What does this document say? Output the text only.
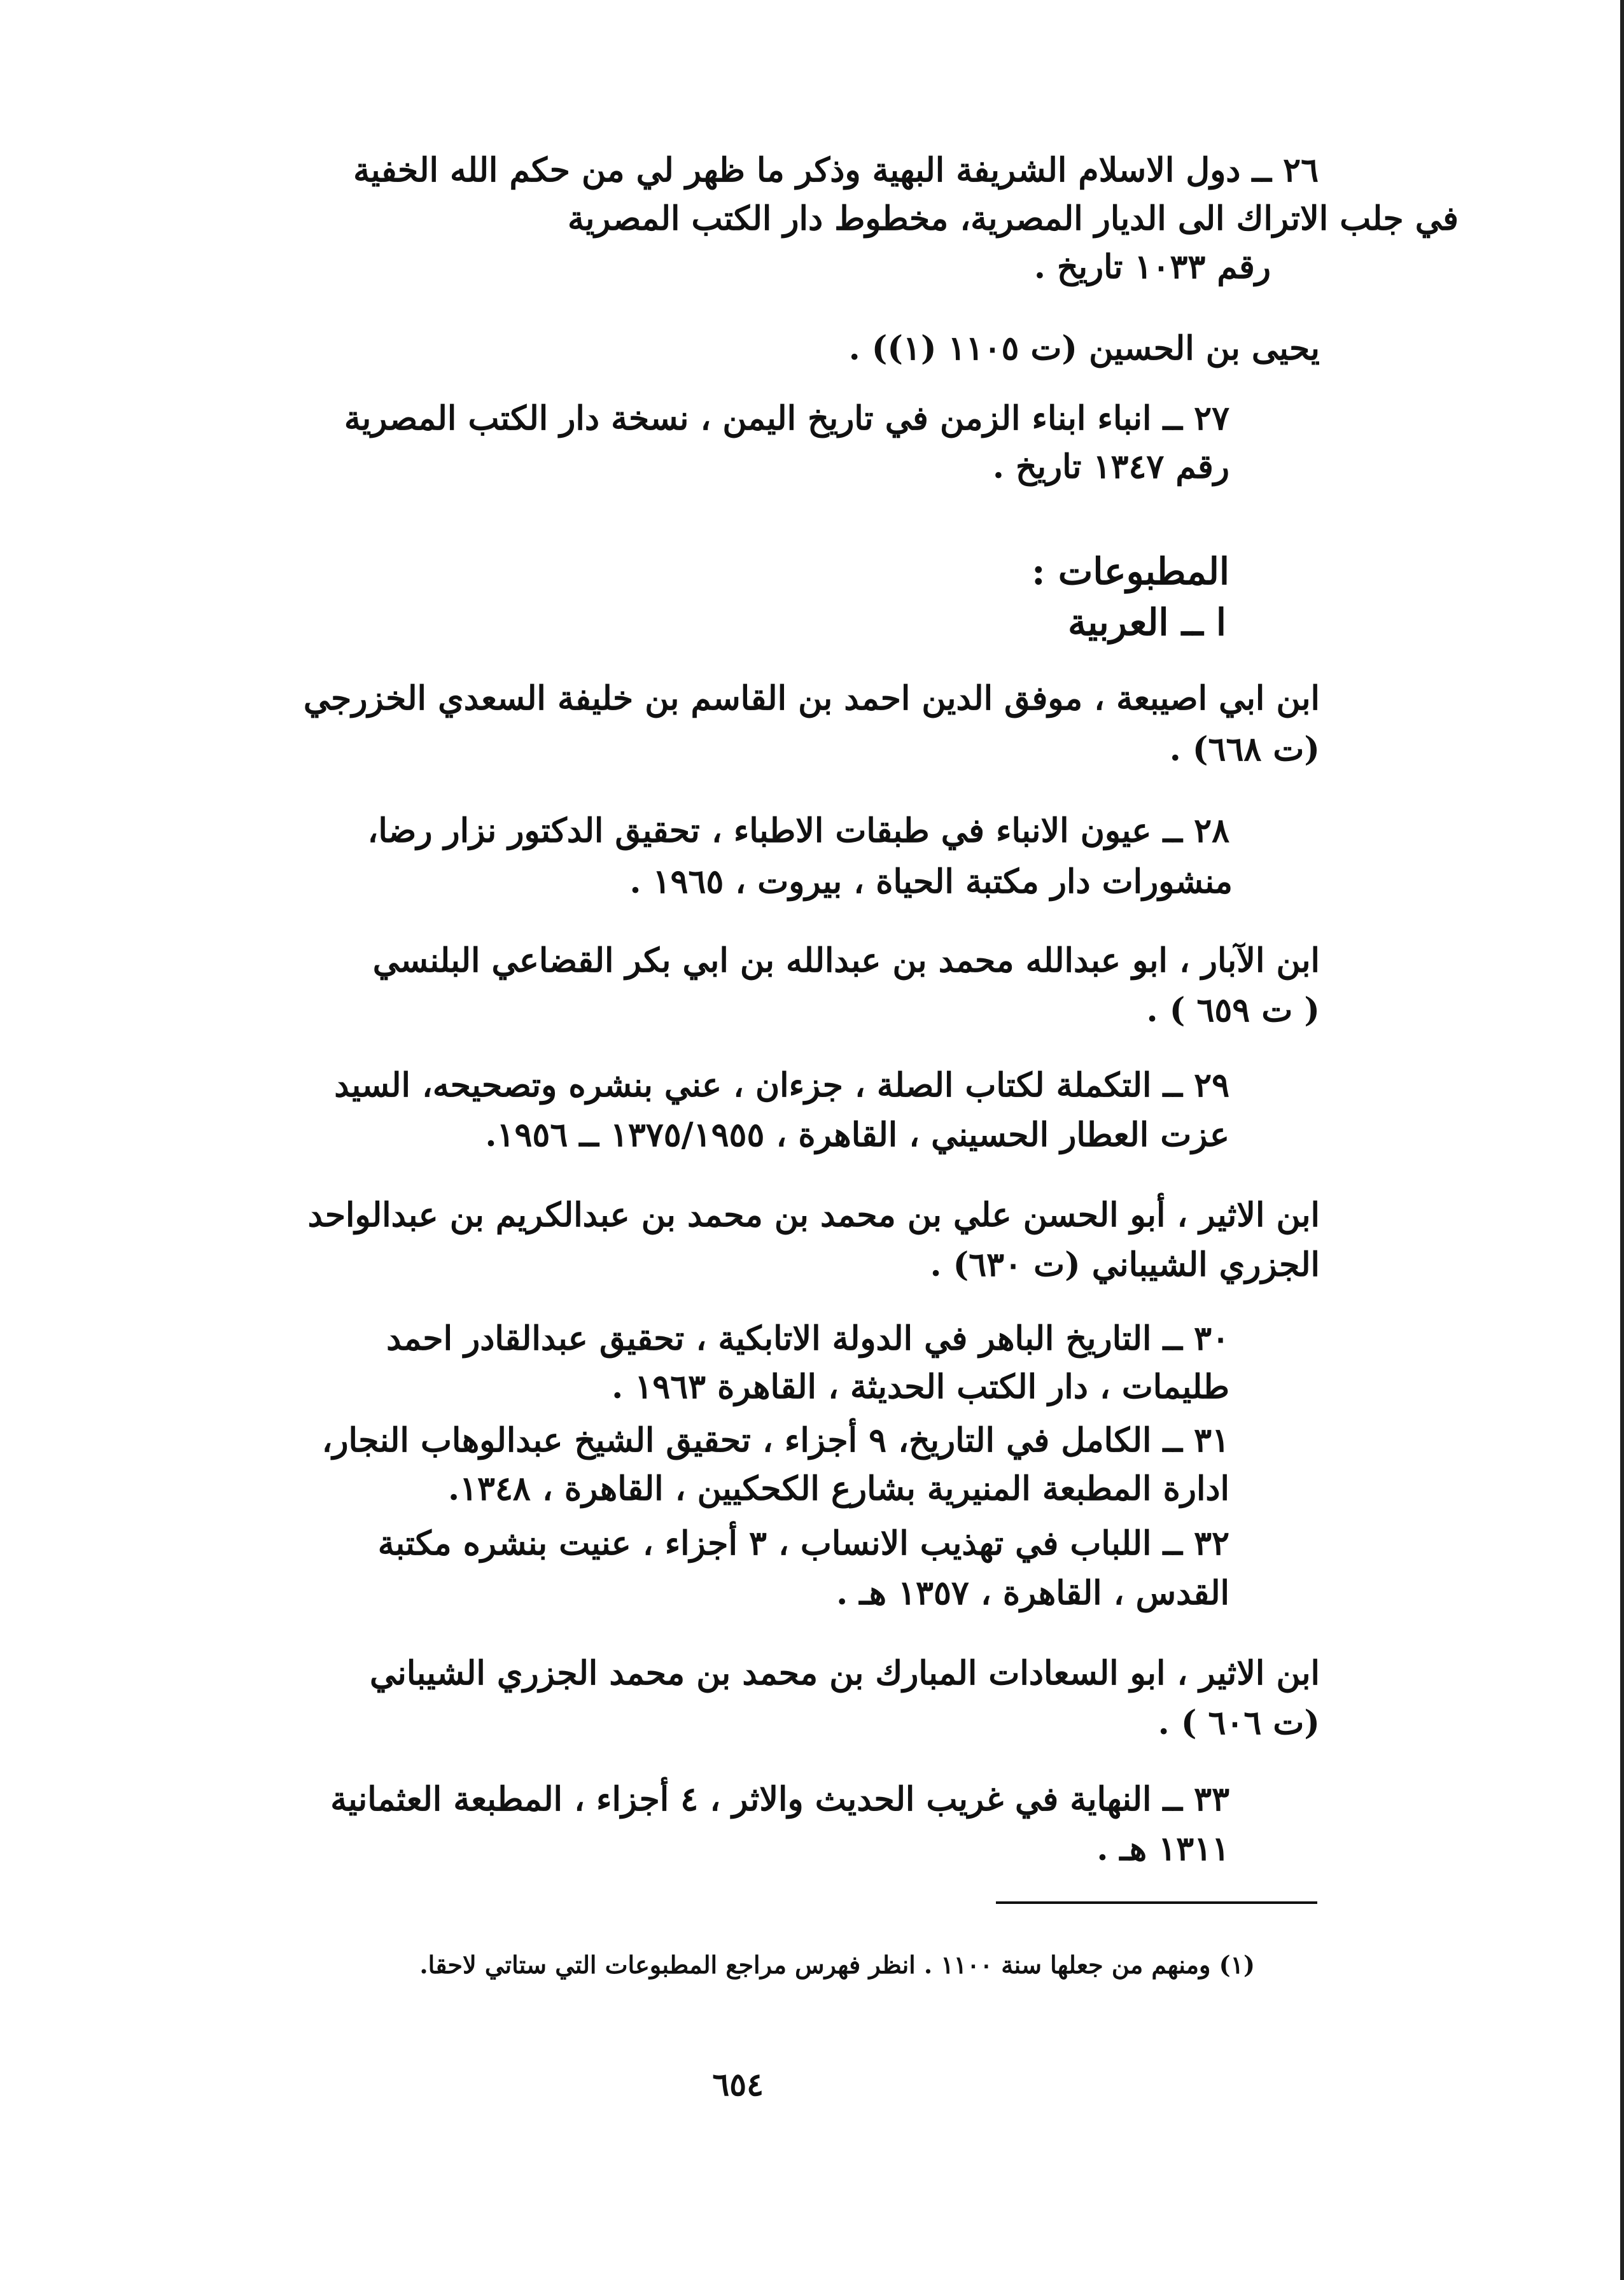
٢٦ ــ دول الاسلام الشريفة البهية وذكر ما ظهر لي من حكم الله الخفية
في جلب الاتراك الى الديار المصرية، مخطوط دار الكتب المصرية
رقم ١٠٣٣ تاريخ .
يحيى بن الحسين (ت ١١٠٥ (١)) .
٢٧ ــ انباء ابناء الزمن في تاريخ اليمن ، نسخة دار الكتب المصرية
رقم ١٣٤٧ تاريخ .
المطبوعات :
ا ــ العربية
ابن ابي اصيبعة ، موفق الدين احمد بن القاسم بن خليفة السعدي الخزرجي
(ت ٦٦٨) .
٢٨ ــ عيون الانباء في طبقات الاطباء ، تحقيق الدكتور نزار رضا،
منشورات دار مكتبة الحياة ، بيروت ، ١٩٦٥ .
ابن الآبار ، ابو عبدالله محمد بن عبدالله بن ابي بكر القضاعي البلنسي
( ت ٦٥٩ ) .
٢٩ ــ التكملة لكتاب الصلة ، جزءان ، عني بنشره وتصحيحه، السيد
عزت العطار الحسيني ، القاهرة ، ١٣٧٥/١٩٥٥ ــ ١٩٥٦.
ابن الاثير ، أبو الحسن علي بن محمد بن محمد بن عبدالكريم بن عبدالواحد
الجزري الشيباني (ت ٦٣٠) .
٣٠ ــ التاريخ الباهر في الدولة الاتابكية ، تحقيق عبدالقادر احمد
طليمات ، دار الكتب الحديثة ، القاهرة ١٩٦٣ .
٣١ ــ الكامل في التاريخ، ٩ أجزاء ، تحقيق الشيخ عبدالوهاب النجار،
ادارة المطبعة المنيرية بشارع الكحكيين ، القاهرة ، ١٣٤٨.
٣٢ ــ اللباب في تهذيب الانساب ، ٣ أجزاء ، عنيت بنشره مكتبة
القدس ، القاهرة ، ١٣٥٧ هـ .
ابن الاثير ، ابو السعادات المبارك بن محمد بن محمد الجزري الشيباني
(ت ٦٠٦ ) .
٣٣ ــ النهاية في غريب الحديث والاثر ، ٤ أجزاء ، المطبعة العثمانية
١٣١١ هـ .
(١) ومنهم من جعلها سنة ١١٠٠ . انظر فهرس مراجع المطبوعات التي ستاتي لاحقا.
٦٥٤
